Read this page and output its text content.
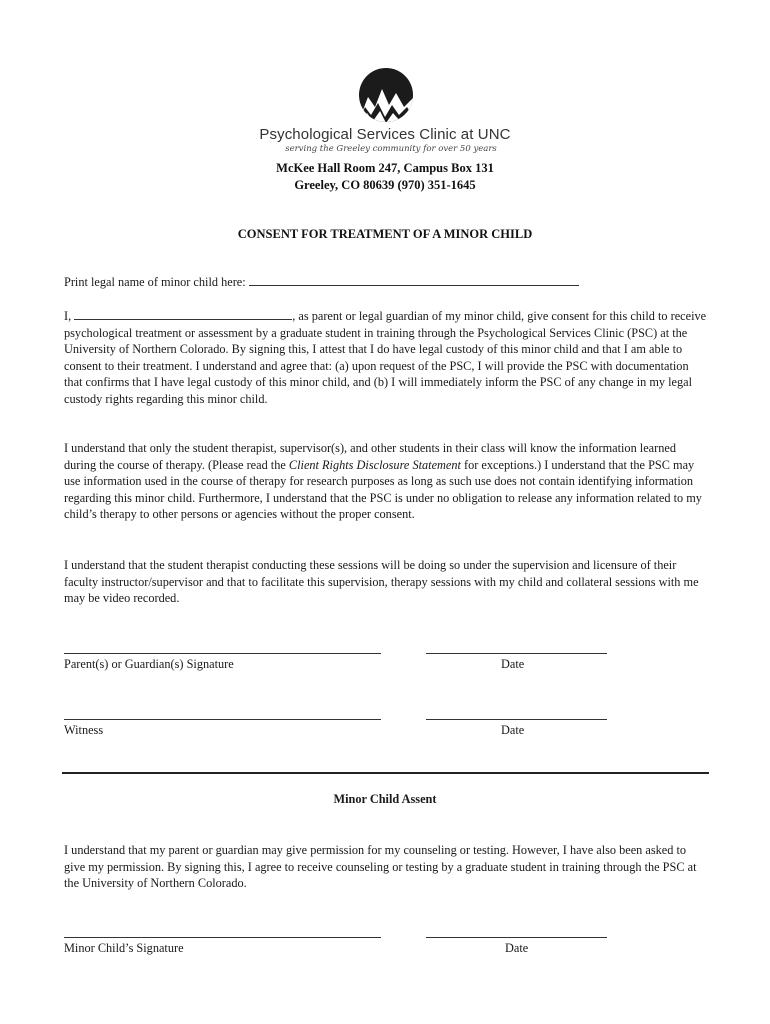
Psychological Services Clinic at UNC
serving the Greeley community for over 50 years
McKee Hall Room 247, Campus Box 131
Greeley, CO 80639 (970) 351-1645
CONSENT FOR TREATMENT OF A MINOR CHILD
Print legal name of minor child here:
I,	, as parent or legal guardian of my minor child, give consent for this child to receive psychological treatment or assessment by a graduate student in training through the Psychological Services Clinic (PSC) at the University of Northern Colorado. By signing this, I attest that I do have legal custody of this minor child and that I am able to consent to their treatment. I understand and agree that: (a) upon request of the PSC, I will provide the PSC with documentation that confirms that I have legal custody of this minor child, and (b) I will immediately inform the PSC of any change in my legal custody rights regarding this minor child.
I understand that only the student therapist, supervisor(s), and other students in their class will know the information learned during the course of therapy. (Please read the Client Rights Disclosure Statement for exceptions.) I understand that the PSC may use information used in the course of therapy for research purposes as long as such use does not contain identifying information regarding this minor child. Furthermore, I understand that the PSC is under no obligation to release any information related to my child’s therapy to other persons or agencies without the proper consent.
I understand that the student therapist conducting these sessions will be doing so under the supervision and licensure of their faculty instructor/supervisor and that to facilitate this supervision, therapy sessions with my child and collateral sessions with me may be video recorded.
Parent(s) or Guardian(s) Signature	Date
Witness	Date
Minor Child Assent
I understand that my parent or guardian may give permission for my counseling or testing. However, I have also been asked to give my permission. By signing this, I agree to receive counseling or testing by a graduate student in training through the PSC at the University of Northern Colorado.
Minor Child’s Signature	Date
